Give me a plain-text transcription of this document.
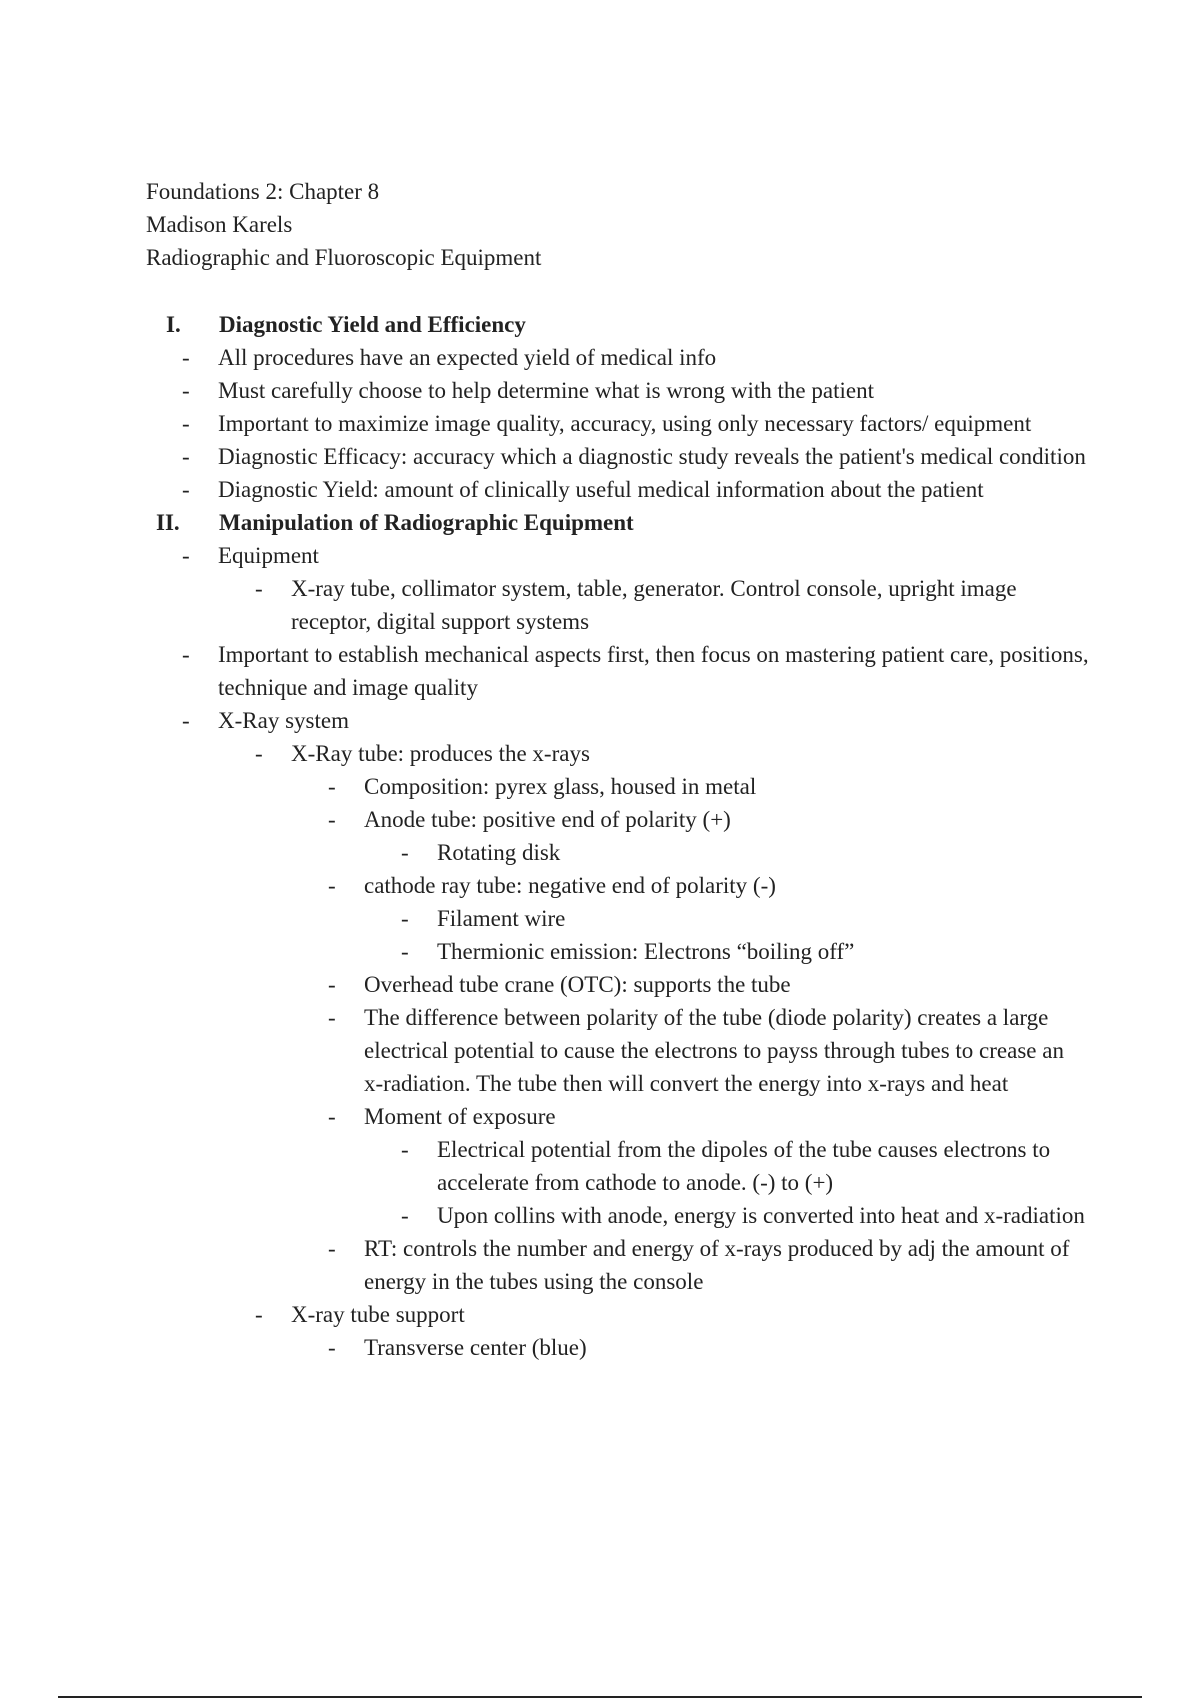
Foundations 2: Chapter 8
Madison Karels
Radiographic and Fluoroscopic Equipment
I.	Diagnostic Yield and Efficiency
-	All procedures have an expected yield of medical info
-	Must carefully choose to help determine what is wrong with the patient
-	Important to maximize image quality, accuracy, using only necessary factors/ equipment
-	Diagnostic Efficacy: accuracy which a diagnostic study reveals the patient's medical condition
-	Diagnostic Yield: amount of clinically useful medical information about the patient
II.	Manipulation of Radiographic Equipment
-	Equipment
-	X-ray tube, collimator system, table, generator. Control console, upright image receptor, digital support systems
-	Important to establish mechanical aspects first, then focus on mastering patient care, positions, technique and image quality
-	X-Ray system
-	X-Ray tube: produces the x-rays
-	Composition: pyrex glass, housed in metal
-	Anode tube: positive end of polarity (+)
-	Rotating disk
-	cathode ray tube: negative end of polarity (-)
-	Filament wire
-	Thermionic emission: Electrons “boiling off”
-	Overhead tube crane (OTC): supports the tube
-	The difference between polarity of the tube (diode polarity) creates a large electrical potential to cause the electrons to payss through tubes to crease an x-radiation. The tube then will convert the energy into x-rays and heat
-	Moment of exposure
-	Electrical potential from the dipoles of the tube causes electrons to accelerate from cathode to anode. (-) to (+)
-	Upon collins with anode, energy is converted into heat and x-radiation
-	RT: controls the number and energy of x-rays produced by adj the amount of energy in the tubes using the console
-	X-ray tube support
-	Transverse center (blue)
